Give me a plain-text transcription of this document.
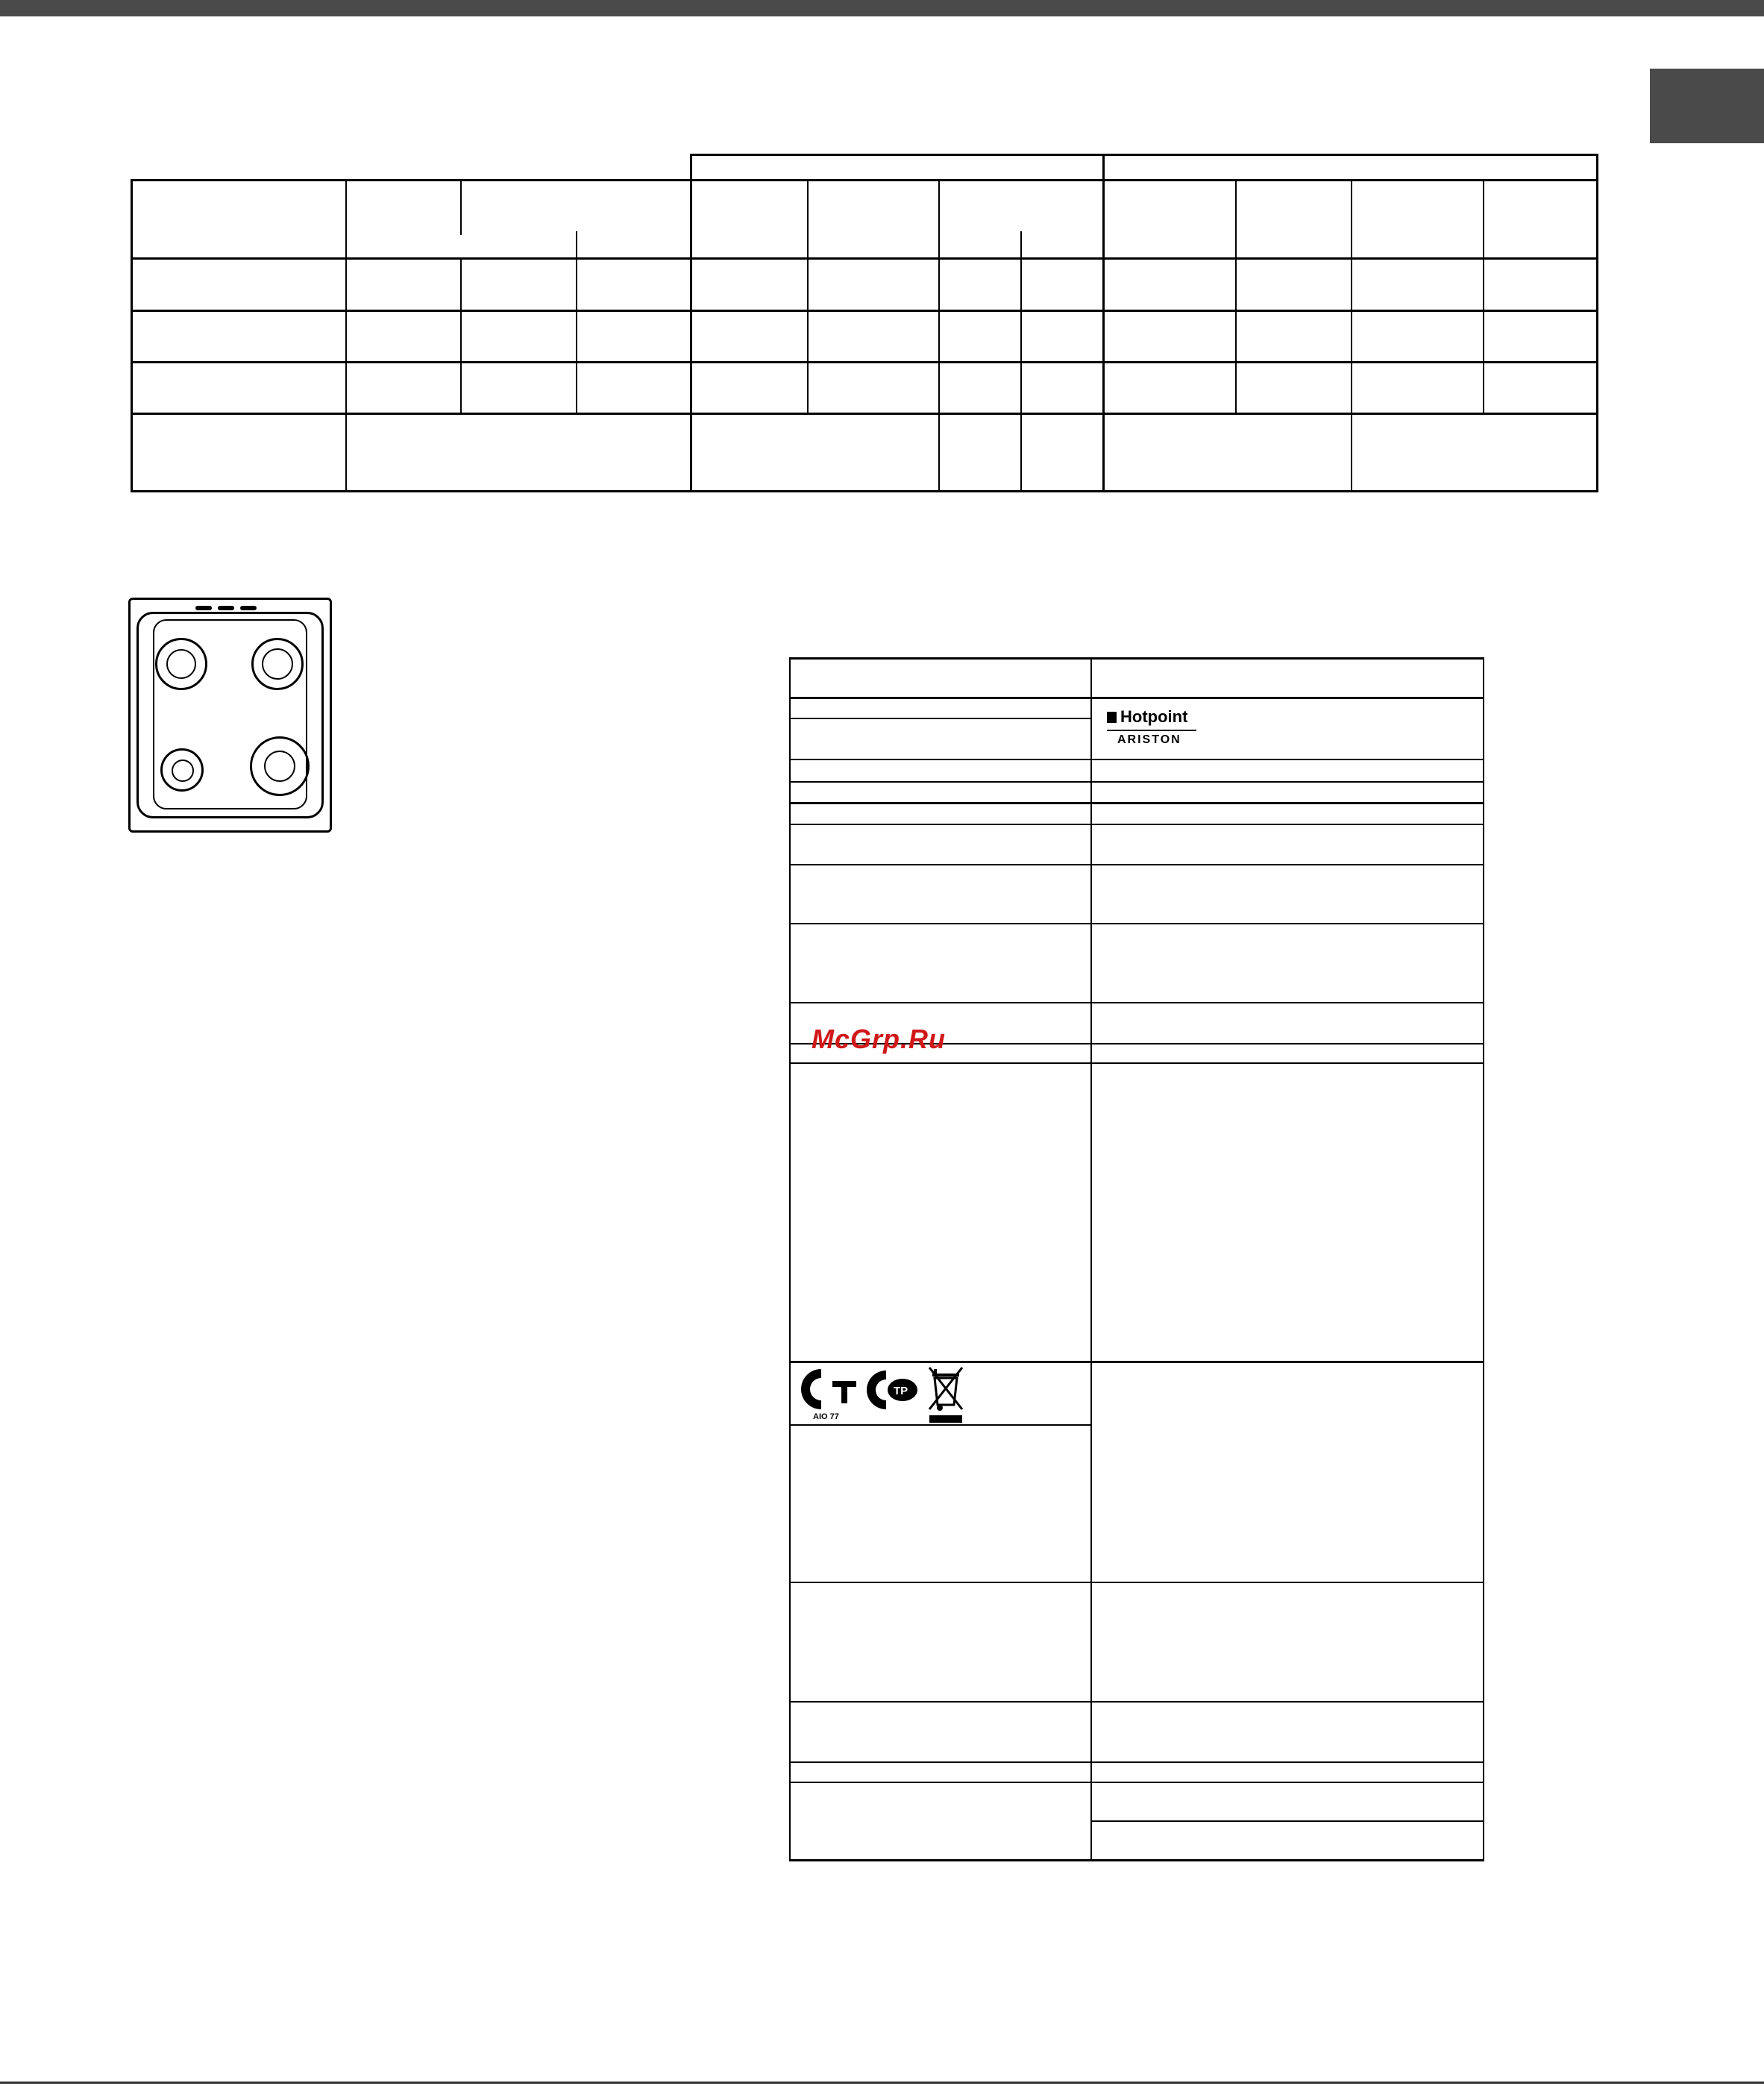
Hotpoint
ARISTON
McGrp.Ru
Р	ТР
AIO 77
